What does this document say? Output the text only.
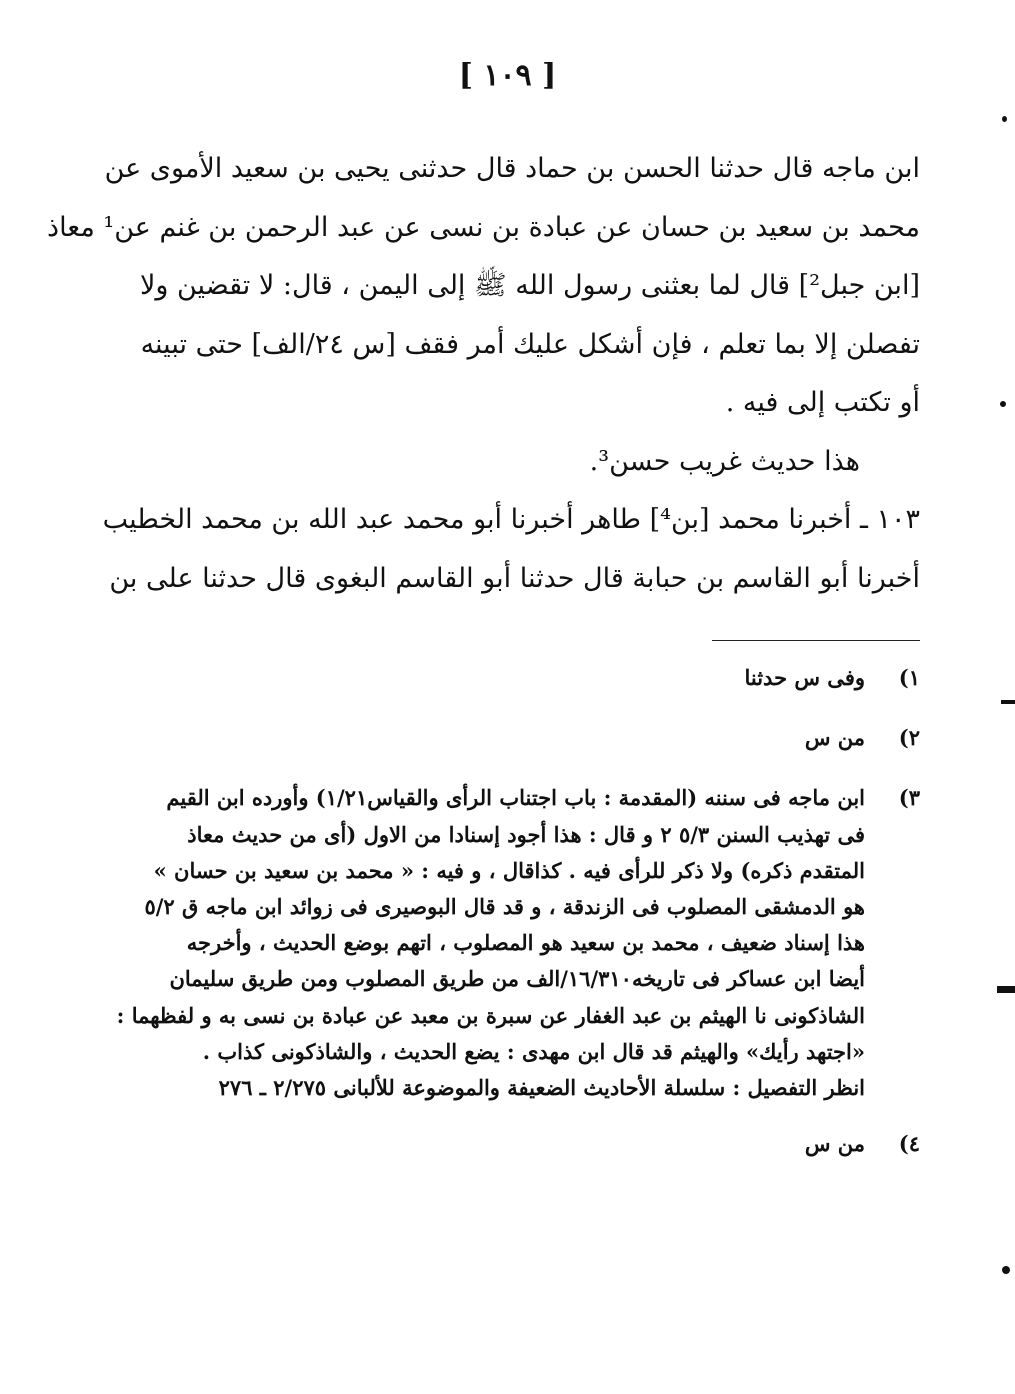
[ ١٠٩ ]

ابن ماجه قال حدثنا الحسن بن حماد قال حدثنى يحيى بن سعيد الأموى عن
محمد بن سعيد بن حسان عن عبادة بن نسى عن عبد الرحمن بن غنم عن¹ معاذ
[ابن جبل²] قال لما بعثنى رسول الله ﷺ إلى اليمن ، قال: لا تقضين ولا
تفصلن إلا بما تعلم ، فإن أشكل عليك أمر فقف [س ٢٤/الف] حتى تبينه
أو تكتب إلى فيه .

هذا حديث غريب حسن³.

١٠٣ ـ أخبرنا محمد [بن⁴] طاهر أخبرنا أبو محمد عبد الله بن محمد الخطيب
أخبرنا أبو القاسم بن حبابة قال حدثنا أبو القاسم البغوى قال حدثنا على بن

١)
وفى س حدثنا
٢)
من س
٣)
ابن ماجه فى سننه (المقدمة : باب اجتناب الرأى والقياس١/٢١) وأورده ابن القيم
فى تهذيب السنن ٥/٣ ٢ و قال : هذا أجود إسنادا من الاول (أى من حديث معاذ
المتقدم ذكره) ولا ذكر للرأى فيه . كذاقال ، و فيه : « محمد بن سعيد بن حسان »
هو الدمشقى المصلوب فى الزندقة ، و قد قال البوصيرى فى زوائد ابن ماجه ق ٥/٢
هذا إسناد ضعيف ، محمد بن سعيد هو المصلوب ، اتهم بوضع الحديث ، وأخرجه
أيضا ابن عساكر فى تاريخه١٦/٣١٠/الف من طريق المصلوب ومن طريق سليمان
الشاذكونى نا الهيثم بن عبد الغفار عن سبرة بن معبد عن عبادة بن نسى به و لفظهما :
«اجتهد رأيك» والهيثم قد قال ابن مهدى : يضع الحديث ، والشاذكونى كذاب .
انظر التفصيل : سلسلة الأحاديث الضعيفة والموضوعة للألبانى ٢/٢٧٥ ـ ٢٧٦
٤)
من س
